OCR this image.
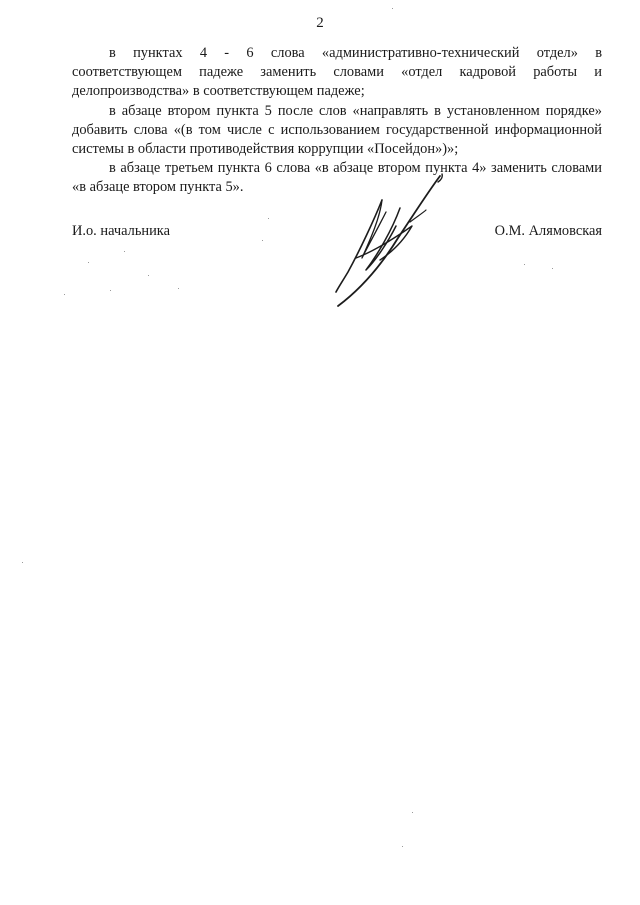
2

в пунктах 4 - 6 слова «административно-технический отдел» в соответствующем падеже заменить словами «отдел кадровой работы и делопроизводства» в соответствующем падеже;

в абзаце втором пункта 5 после слов «направлять в установленном порядке» добавить слова «(в том числе с использованием государственной информационной системы в области противодействия коррупции «Посейдон»)»;

в абзаце третьем пункта 6 слова «в абзаце втором пункта 4» заменить словами «в абзаце втором пункта 5».

И.о. начальника	О.М. Алямовская
